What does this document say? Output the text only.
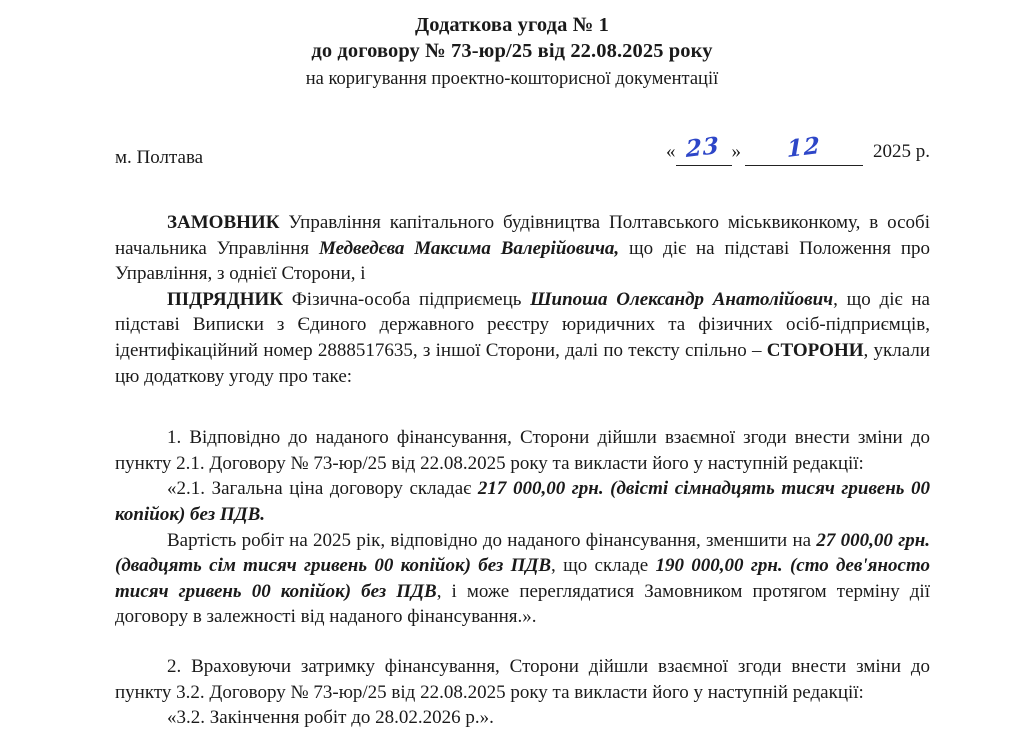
Додаткова угода № 1
до договору № 73-юр/25 від 22.08.2025 року
на коригування проектно-кошторисної документації
м. Полтава	« 23 »	12	2025 р.

ЗАМОВНИК Управління капітального будівництва Полтавського міськвиконкому, в особі начальника Управління Медведєва Максима Валерійовича, що діє на підставі Положення про Управління, з однієї Сторони, і

ПІДРЯДНИК Фізична-особа підприємець Шипоша Олександр Анатолійович, що діє на підставі Виписки з Єдиного державного реєстру юридичних та фізичних осіб-підприємців, ідентифікаційний номер 2888517635, з іншої Сторони, далі по тексту спільно – СТОРОНИ, уклали цю додаткову угоду про таке:

1. Відповідно до наданого фінансування, Сторони дійшли взаємної згоди внести зміни до пункту 2.1. Договору № 73-юр/25 від 22.08.2025 року та викласти його у наступній редакції:

«2.1. Загальна ціна договору складає 217 000,00 грн. (двісті сімнадцять тисяч гривень 00 копійок) без ПДВ.

Вартість робіт на 2025 рік, відповідно до наданого фінансування, зменшити на 27 000,00 грн. (двадцять сім тисяч гривень 00 копійок) без ПДВ, що складе 190 000,00 грн. (сто дев'яносто тисяч гривень 00 копійок) без ПДВ, і може переглядатися Замовником протягом терміну дії договору в залежності від наданого фінансування.».

2. Враховуючи затримку фінансування, Сторони дійшли взаємної згоди внести зміни до пункту 3.2. Договору № 73-юр/25 від 22.08.2025 року та викласти його у наступній редакції:

«3.2. Закінчення робіт до 28.02.2026 р.».
